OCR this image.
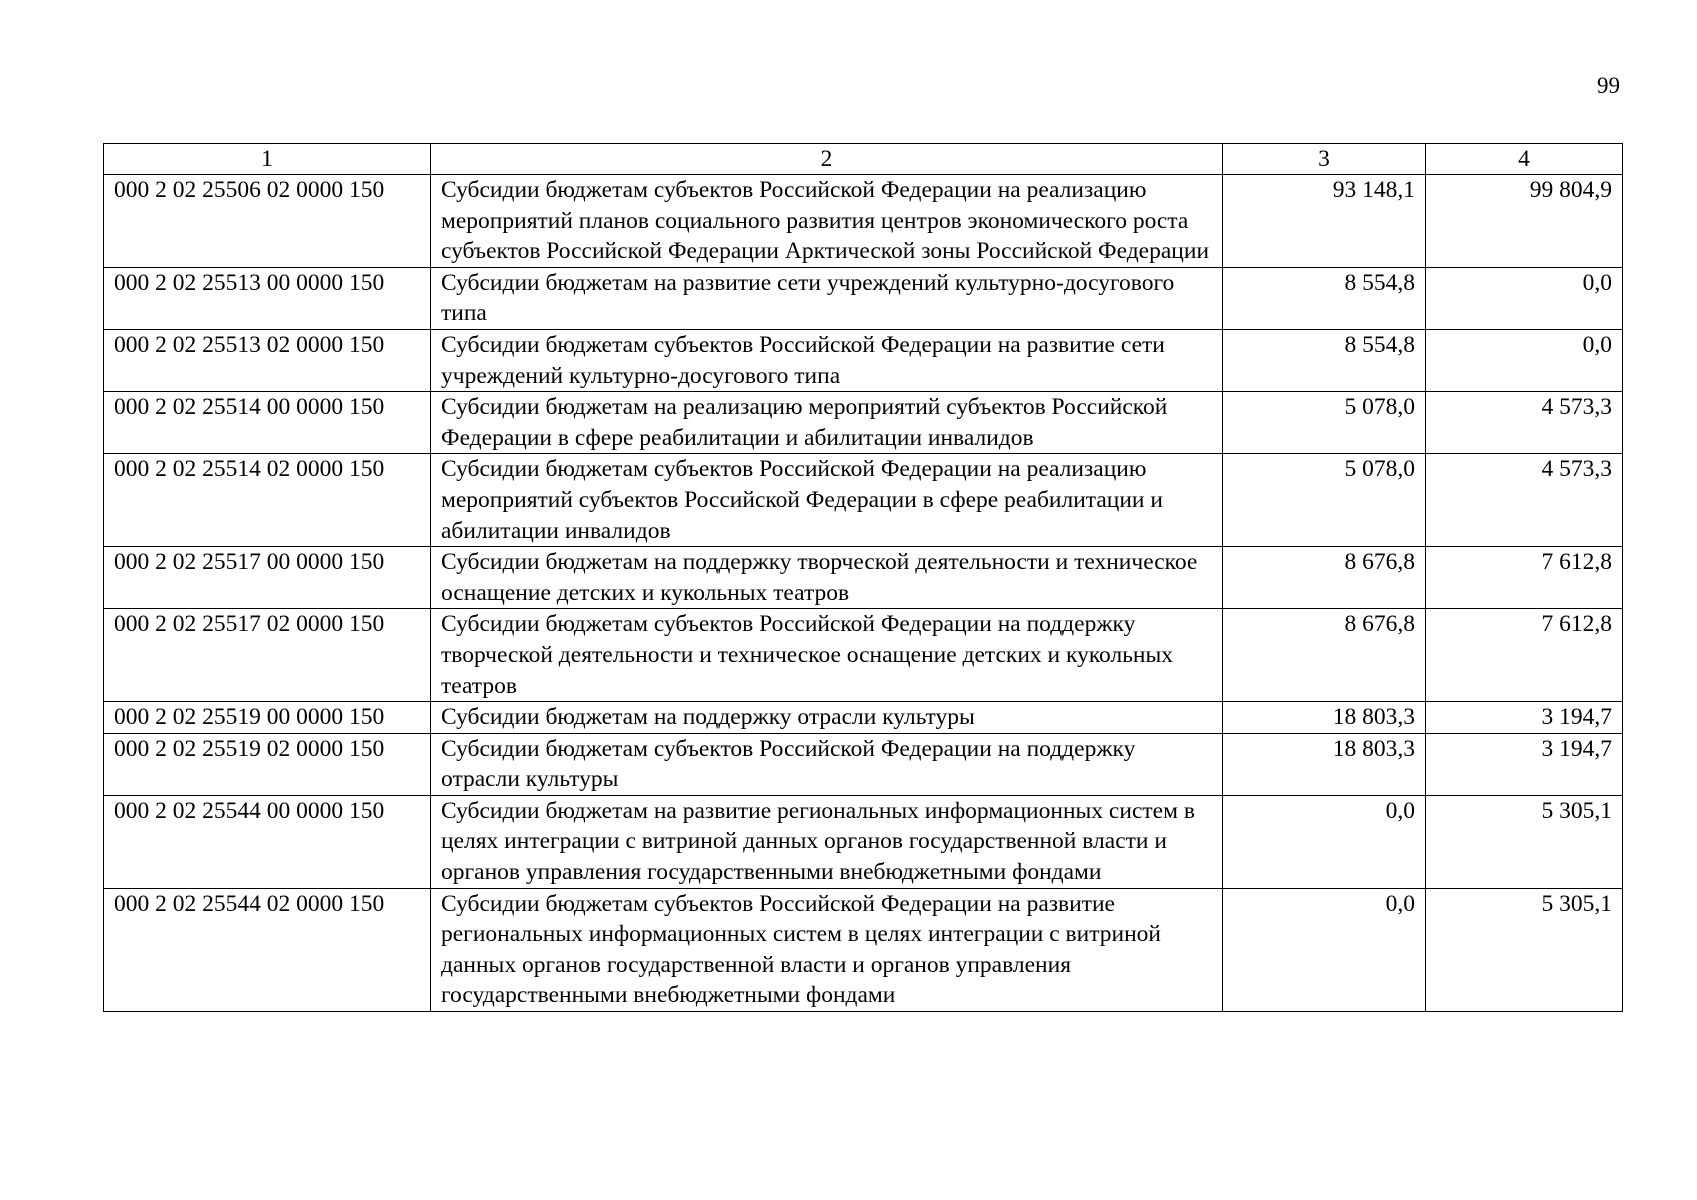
99
1	2	3	4
000 2 02 25506 02 0000 150	Субсидии бюджетам субъектов Российской Федерации на реализацию мероприятий планов социального развития центров экономического роста субъектов Российской Федерации Арктической зоны Российской Федерации	93 148,1	99 804,9
000 2 02 25513 00 0000 150	Субсидии бюджетам на развитие сети учреждений культурно-досугового типа	8 554,8	0,0
000 2 02 25513 02 0000 150	Субсидии бюджетам субъектов Российской Федерации на развитие сети учреждений культурно-досугового типа	8 554,8	0,0
000 2 02 25514 00 0000 150	Субсидии бюджетам на реализацию мероприятий субъектов Российской Федерации в сфере реабилитации и абилитации инвалидов	5 078,0	4 573,3
000 2 02 25514 02 0000 150	Субсидии бюджетам субъектов Российской Федерации на реализацию мероприятий субъектов Российской Федерации в сфере реабилитации и абилитации инвалидов	5 078,0	4 573,3
000 2 02 25517 00 0000 150	Субсидии бюджетам на поддержку творческой деятельности и техническое оснащение детских и кукольных театров	8 676,8	7 612,8
000 2 02 25517 02 0000 150	Субсидии бюджетам субъектов Российской Федерации на поддержку творческой деятельности и техническое оснащение детских и кукольных театров	8 676,8	7 612,8
000 2 02 25519 00 0000 150	Субсидии бюджетам на поддержку отрасли культуры	18 803,3	3 194,7
000 2 02 25519 02 0000 150	Субсидии бюджетам субъектов Российской Федерации на поддержку отрасли культуры	18 803,3	3 194,7
000 2 02 25544 00 0000 150	Субсидии бюджетам на развитие региональных информационных систем в целях интеграции с витриной данных органов государственной власти и органов управления государственными внебюджетными фондами	0,0	5 305,1
000 2 02 25544 02 0000 150	Субсидии бюджетам субъектов Российской Федерации на развитие региональных информационных систем в целях интеграции с витриной данных органов государственной власти и органов управления государственными внебюджетными фондами	0,0	5 305,1
